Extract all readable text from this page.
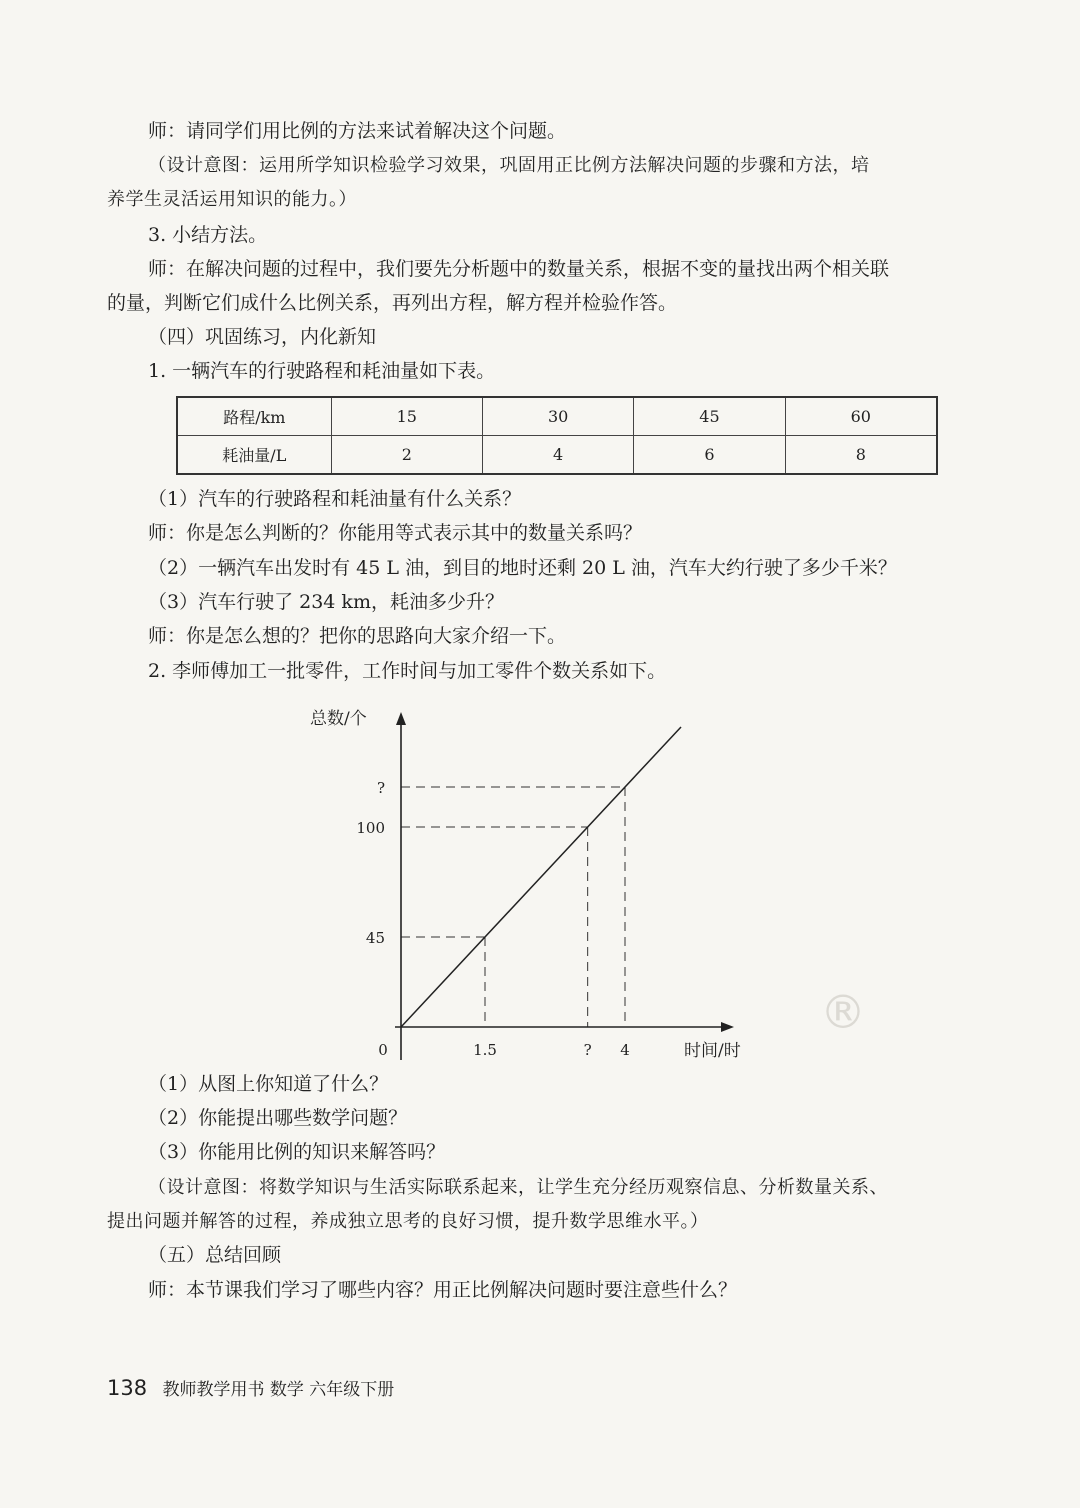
师：请同学们用比例的方法来试着解决这个问题。
（设计意图：运用所学知识检验学习效果，巩固用正比例方法解决问题的步骤和方法，培
养学生灵活运用知识的能力。）
3. 小结方法。
师：在解决问题的过程中，我们要先分析题中的数量关系，根据不变的量找出两个相关联
的量，判断它们成什么比例关系，再列出方程，解方程并检验作答。
（四）巩固练习，内化新知
1. 一辆汽车的行驶路程和耗油量如下表。
路程/km	15	30	45	60
耗油量/L	2	4	6	8
（1）汽车的行驶路程和耗油量有什么关系？
师：你是怎么判断的？你能用等式表示其中的数量关系吗？
（2）一辆汽车出发时有 45 L 油，到目的地时还剩 20 L 油，汽车大约行驶了多少千米？
（3）汽车行驶了 234 km，耗油多少升？
师：你是怎么想的？把你的思路向大家介绍一下。
2. 李师傅加工一批零件，工作时间与加工零件个数关系如下。
45
100
?
0	1.5	? 4
总数/个
时间/时
®
（1）从图上你知道了什么？
（2）你能提出哪些数学问题？
（3）你能用比例的知识来解答吗？
（设计意图：将数学知识与生活实际联系起来，让学生充分经历观察信息、分析数量关系、
提出问题并解答的过程，养成独立思考的良好习惯，提升数学思维水平。）
（五）总结回顾
师：本节课我们学习了哪些内容？用正比例解决问题时要注意些什么？
138 教师教学用书 数学 六年级下册
